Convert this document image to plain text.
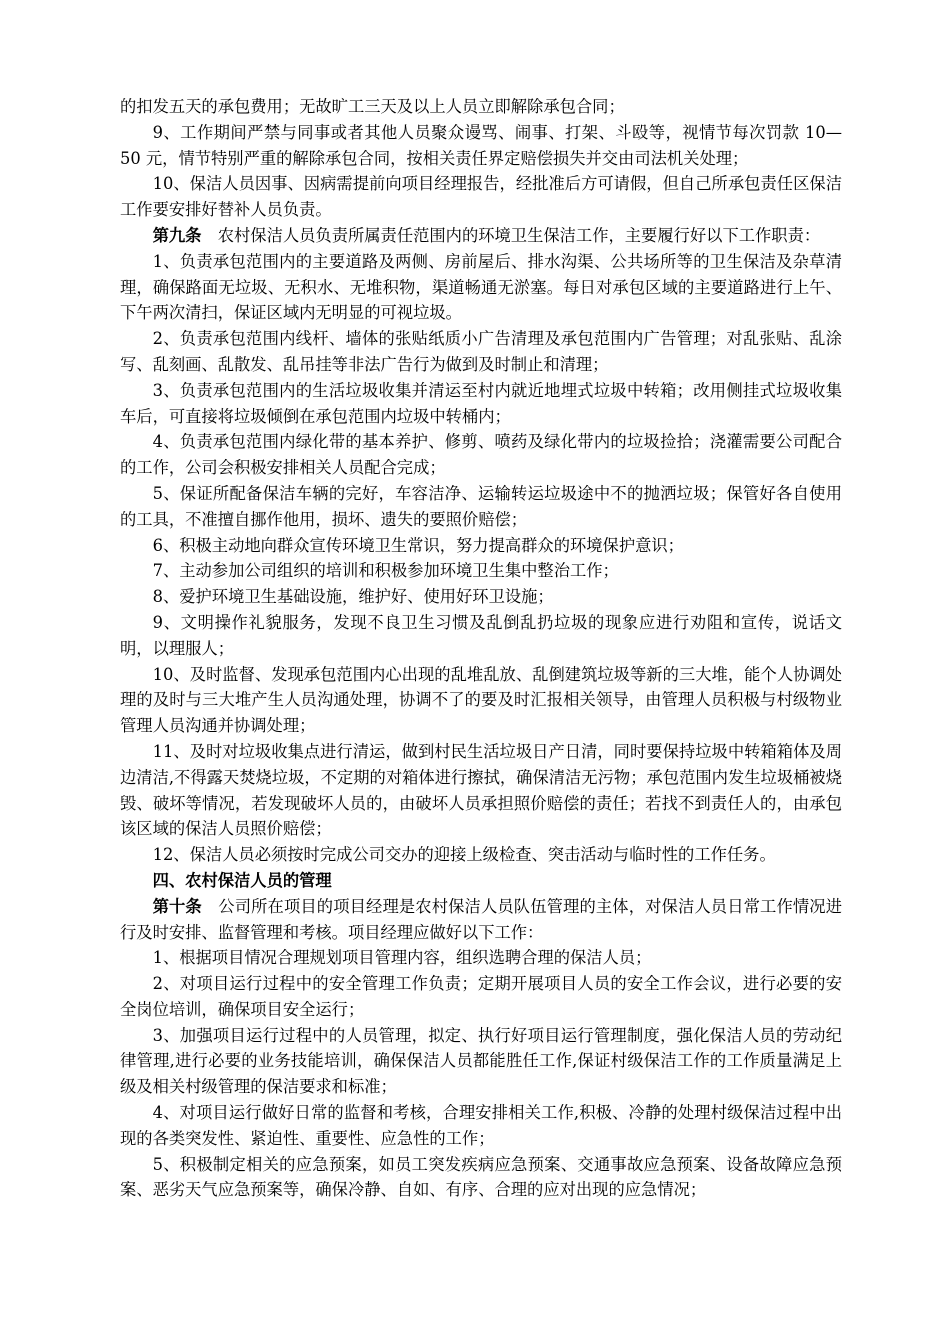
的扣发五天的承包费用；无故旷工三天及以上人员立即解除承包合同；

9、工作期间严禁与同事或者其他人员聚众谩骂、闹事、打架、斗殴等，视情节每次罚款 10—50 元，情节特别严重的解除承包合同，按相关责任界定赔偿损失并交由司法机关处理；

10、保洁人员因事、因病需提前向项目经理报告，经批准后方可请假，但自己所承包责任区保洁工作要安排好替补人员负责。

第九条　农村保洁人员负责所属责任范围内的环境卫生保洁工作，主要履行好以下工作职责：

1、负责承包范围内的主要道路及两侧、房前屋后、排水沟渠、公共场所等的卫生保洁及杂草清理，确保路面无垃圾、无积水、无堆积物，渠道畅通无淤塞。每日对承包区域的主要道路进行上午、下午两次清扫，保证区域内无明显的可视垃圾。

2、负责承包范围内线杆、墙体的张贴纸质小广告清理及承包范围内广告管理；对乱张贴、乱涂写、乱刻画、乱散发、乱吊挂等非法广告行为做到及时制止和清理；

3、负责承包范围内的生活垃圾收集并清运至村内就近地埋式垃圾中转箱；改用侧挂式垃圾收集车后，可直接将垃圾倾倒在承包范围内垃圾中转桶内；

4、负责承包范围内绿化带的基本养护、修剪、喷药及绿化带内的垃圾捡拾；浇灌需要公司配合的工作，公司会积极安排相关人员配合完成；

5、保证所配备保洁车辆的完好，车容洁净、运输转运垃圾途中不的抛洒垃圾；保管好各自使用的工具，不准擅自挪作他用，损坏、遗失的要照价赔偿；

6、积极主动地向群众宣传环境卫生常识，努力提高群众的环境保护意识；

7、主动参加公司组织的培训和积极参加环境卫生集中整治工作；

8、爱护环境卫生基础设施，维护好、使用好环卫设施；

9、文明操作礼貌服务，发现不良卫生习惯及乱倒乱扔垃圾的现象应进行劝阻和宣传，说话文明，以理服人；

10、及时监督、发现承包范围内心出现的乱堆乱放、乱倒建筑垃圾等新的三大堆，能个人协调处理的及时与三大堆产生人员沟通处理，协调不了的要及时汇报相关领导，由管理人员积极与村级物业管理人员沟通并协调处理；

11、及时对垃圾收集点进行清运，做到村民生活垃圾日产日清，同时要保持垃圾中转箱箱体及周边清洁,不得露天焚烧垃圾，不定期的对箱体进行擦拭，确保清洁无污物；承包范围内发生垃圾桶被烧毁、破坏等情况，若发现破坏人员的，由破坏人员承担照价赔偿的责任；若找不到责任人的，由承包该区域的保洁人员照价赔偿；

12、保洁人员必须按时完成公司交办的迎接上级检查、突击活动与临时性的工作任务。

四、农村保洁人员的管理

第十条　公司所在项目的项目经理是农村保洁人员队伍管理的主体，对保洁人员日常工作情况进行及时安排、监督管理和考核。项目经理应做好以下工作：

1、根据项目情况合理规划项目管理内容，组织选聘合理的保洁人员；

2、对项目运行过程中的安全管理工作负责；定期开展项目人员的安全工作会议，进行必要的安全岗位培训，确保项目安全运行；

3、加强项目运行过程中的人员管理，拟定、执行好项目运行管理制度，强化保洁人员的劳动纪律管理,进行必要的业务技能培训，确保保洁人员都能胜任工作,保证村级保洁工作的工作质量满足上级及相关村级管理的保洁要求和标准；

4、对项目运行做好日常的监督和考核，合理安排相关工作,积极、冷静的处理村级保洁过程中出现的各类突发性、紧迫性、重要性、应急性的工作；

5、积极制定相关的应急预案，如员工突发疾病应急预案、交通事故应急预案、设备故障应急预案、恶劣天气应急预案等，确保冷静、自如、有序、合理的应对出现的应急情况；
